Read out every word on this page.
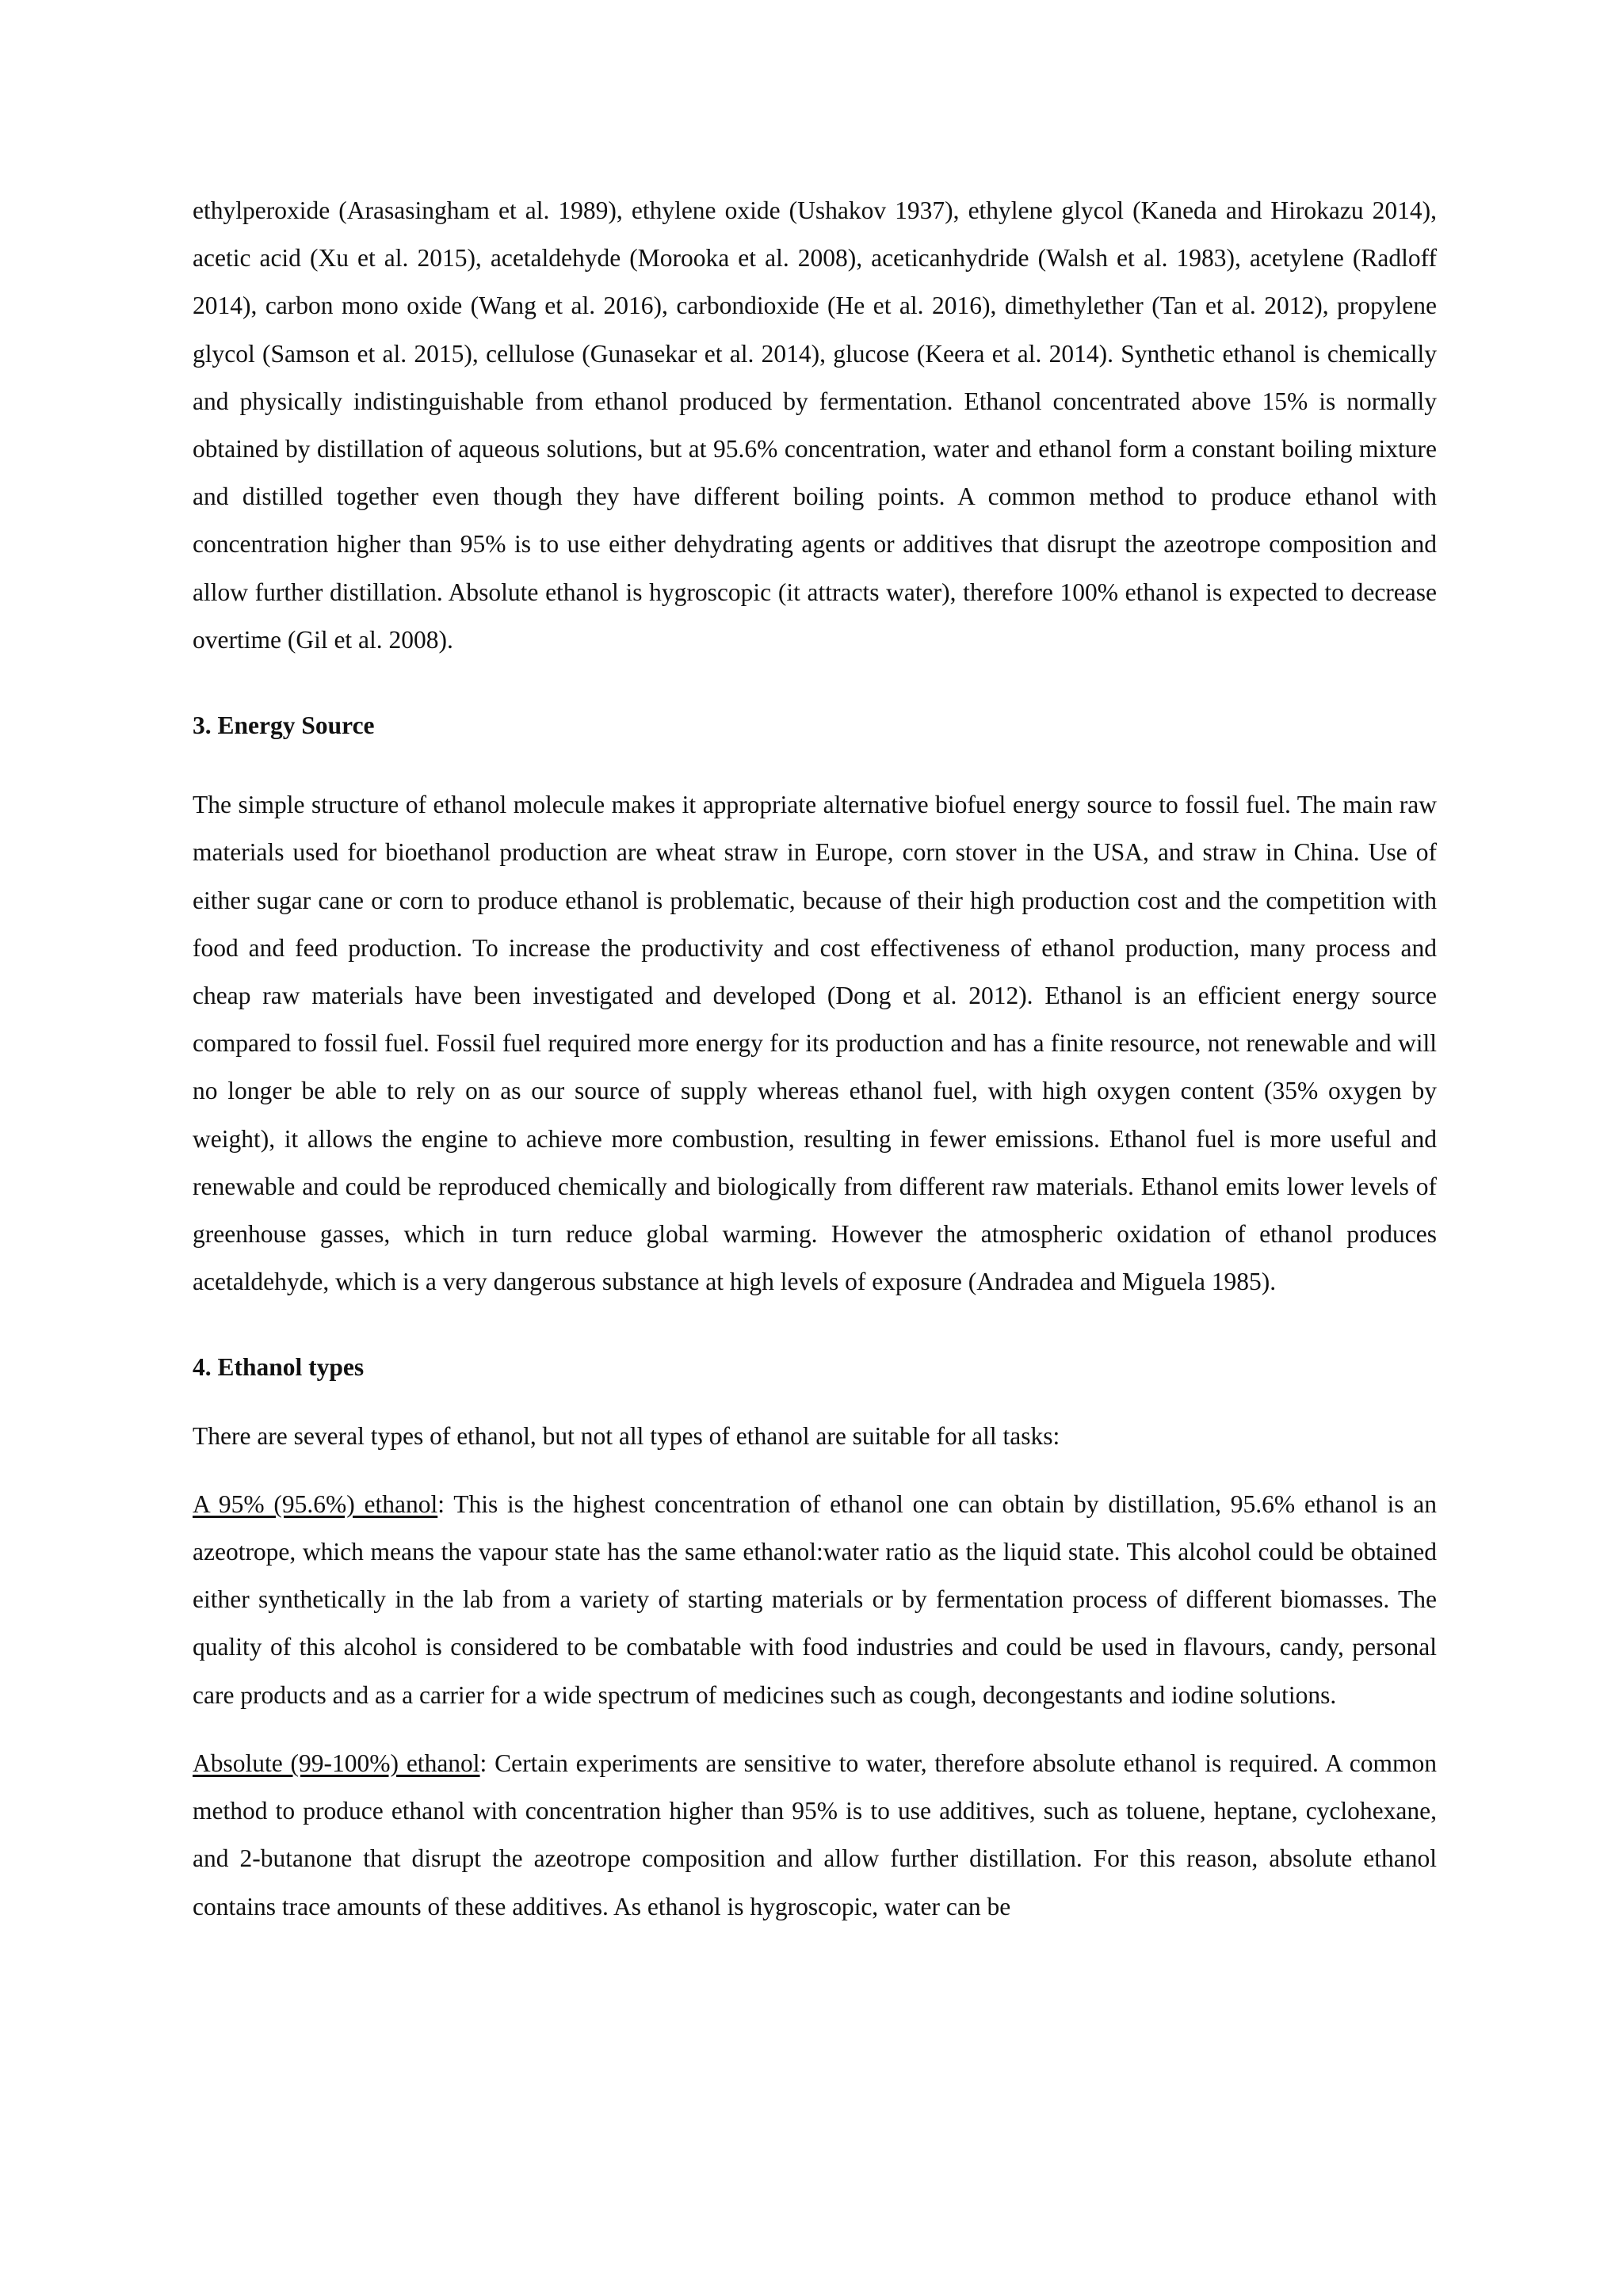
ethylperoxide (Arasasingham et al. 1989), ethylene oxide (Ushakov 1937), ethylene glycol (Kaneda and Hirokazu 2014), acetic acid (Xu et al. 2015), acetaldehyde (Morooka et al. 2008), aceticanhydride (Walsh et al. 1983), acetylene (Radloff 2014), carbon mono oxide (Wang et al. 2016), carbondioxide (He et al. 2016), dimethylether (Tan et al. 2012), propylene glycol (Samson et al. 2015), cellulose (Gunasekar et al. 2014), glucose (Keera et al. 2014). Synthetic ethanol is chemically and physically indistinguishable from ethanol produced by fermentation. Ethanol concentrated above 15% is normally obtained by distillation of aqueous solutions, but at 95.6% concentration, water and ethanol form a constant boiling mixture and distilled together even though they have different boiling points. A common method to produce ethanol with concentration higher than 95% is to use either dehydrating agents or additives that disrupt the azeotrope composition and allow further distillation. Absolute ethanol is hygroscopic (it attracts water), therefore 100% ethanol is expected to decrease overtime (Gil et al. 2008).

3. Energy Source

The simple structure of ethanol molecule makes it appropriate alternative biofuel energy source to fossil fuel. The main raw materials used for bioethanol production are wheat straw in Europe, corn stover in the USA, and straw in China. Use of either sugar cane or corn to produce ethanol is problematic, because of their high production cost and the competition with food and feed production. To increase the productivity and cost effectiveness of ethanol production, many process and cheap raw materials have been investigated and developed (Dong et al. 2012). Ethanol is an efficient energy source compared to fossil fuel. Fossil fuel required more energy for its production and has a finite resource, not renewable and will no longer be able to rely on as our source of supply whereas ethanol fuel, with high oxygen content (35% oxygen by weight), it allows the engine to achieve more combustion, resulting in fewer emissions. Ethanol fuel is more useful and renewable and could be reproduced chemically and biologically from different raw materials. Ethanol emits lower levels of greenhouse gasses, which in turn reduce global warming. However the atmospheric oxidation of ethanol produces acetaldehyde, which is a very dangerous substance at high levels of exposure (Andradea and Miguela 1985).

4. Ethanol types

There are several types of ethanol, but not all types of ethanol are suitable for all tasks:

A 95% (95.6%) ethanol: This is the highest concentration of ethanol one can obtain by distillation, 95.6% ethanol is an azeotrope, which means the vapour state has the same ethanol:water ratio as the liquid state. This alcohol could be obtained either synthetically in the lab from a variety of starting materials or by fermentation process of different biomasses. The quality of this alcohol is considered to be combatable with food industries and could be used in flavours, candy, personal care products and as a carrier for a wide spectrum of medicines such as cough, decongestants and iodine solutions.

Absolute (99-100%) ethanol: Certain experiments are sensitive to water, therefore absolute ethanol is required. A common method to produce ethanol with concentration higher than 95% is to use additives, such as toluene, heptane, cyclohexane, and 2-butanone that disrupt the azeotrope composition and allow further distillation. For this reason, absolute ethanol contains trace amounts of these additives. As ethanol is hygroscopic, water can be
